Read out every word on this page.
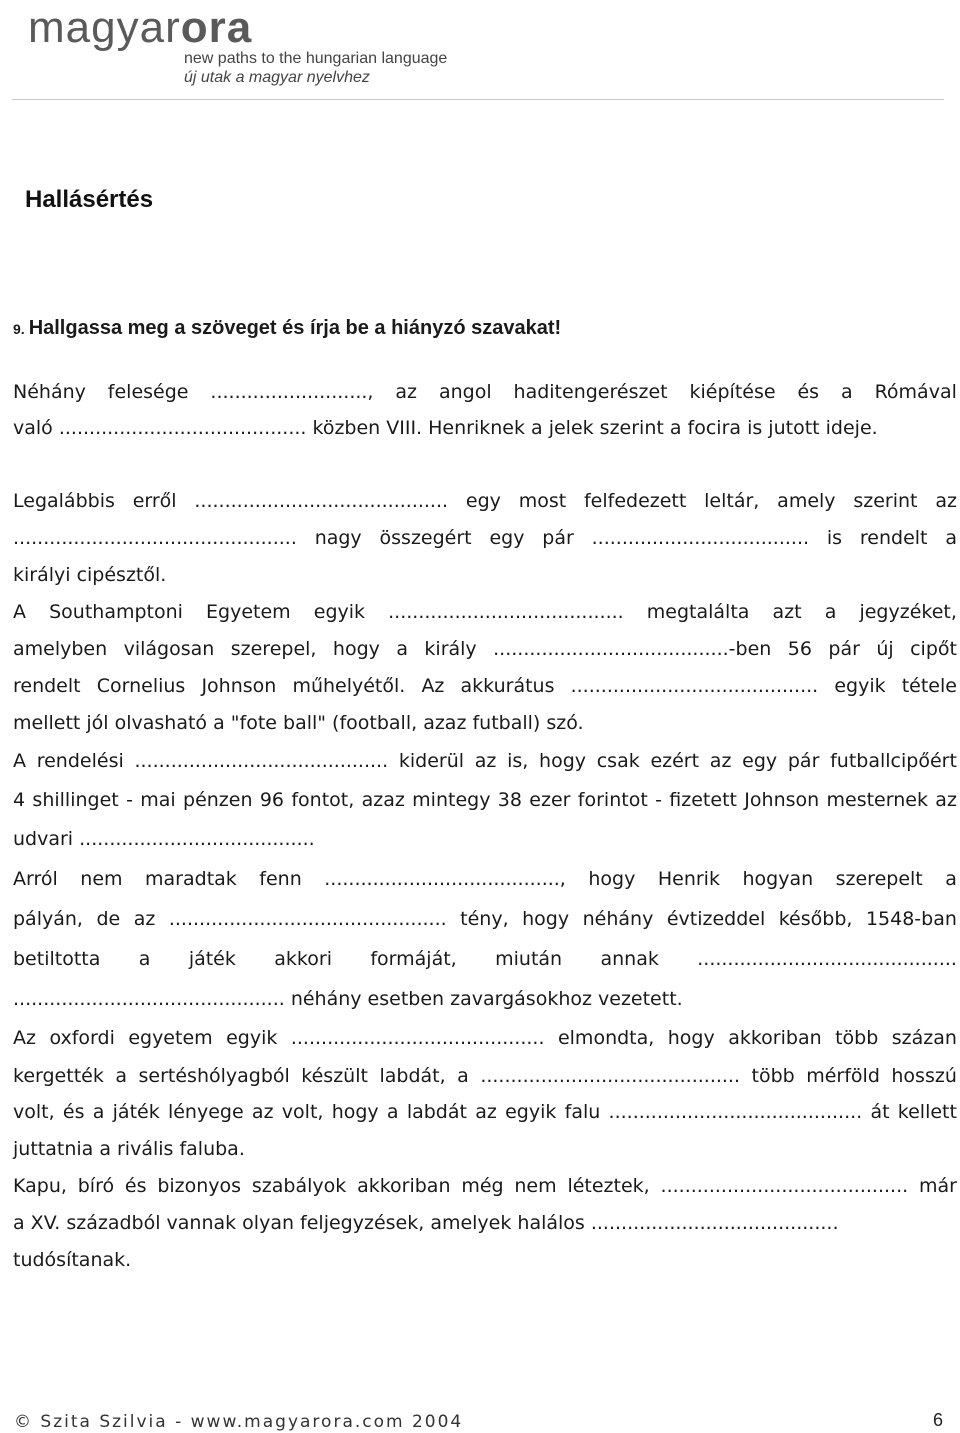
magyarora
new paths to the hungarian language
új utak a magyar nyelvhez
Hallásértés
9. Hallgassa meg a szöveget és írja be a hiányzó szavakat!
Néhány felesége .........................., az angol haditengerészet kiépítése és a Rómával
való ......................................... közben VIII. Henriknek a jelek szerint a focira is jutott ideje.
Legalábbis erről .......................................... egy most felfedezett leltár, amely szerint az
............................................... nagy összegért egy pár .................................... is rendelt a
királyi cipésztől.
A Southamptoni Egyetem egyik ....................................... megtalálta azt a jegyzéket,
amelyben világosan szerepel, hogy a király .......................................-ben 56 pár új cipőt
rendelt Cornelius Johnson műhelyétől. Az akkurátus ......................................... egyik tétele
mellett jól olvasható a "fote ball" (football, azaz futball) szó.
A rendelési .......................................... kiderül az is, hogy csak ezért az egy pár futballcipőért
4 shillinget - mai pénzen 96 fontot, azaz mintegy 38 ezer forintot - fizetett Johnson mesternek az
udvari .......................................
Arról nem maradtak fenn ......................................., hogy Henrik hogyan szerepelt a
pályán, de az .............................................. tény, hogy néhány évtizeddel később, 1548-ban
betiltotta a játék akkori formáját, miután annak ...........................................
............................................. néhány esetben zavargásokhoz vezetett.
Az oxfordi egyetem egyik .......................................... elmondta, hogy akkoriban több százan
kergették a sertéshólyagból készült labdát, a ........................................... több mérföld hosszú
volt, és a játék lényege az volt, hogy a labdát az egyik falu .......................................... át kellett
juttatnia a rivális faluba.
Kapu, bíró és bizonyos szabályok akkoriban még nem léteztek, ......................................... már
a XV. századból vannak olyan feljegyzések, amelyek halálos .........................................
tudósítanak.
© Szita Szilvia - www.magyarora.com 2004	6
